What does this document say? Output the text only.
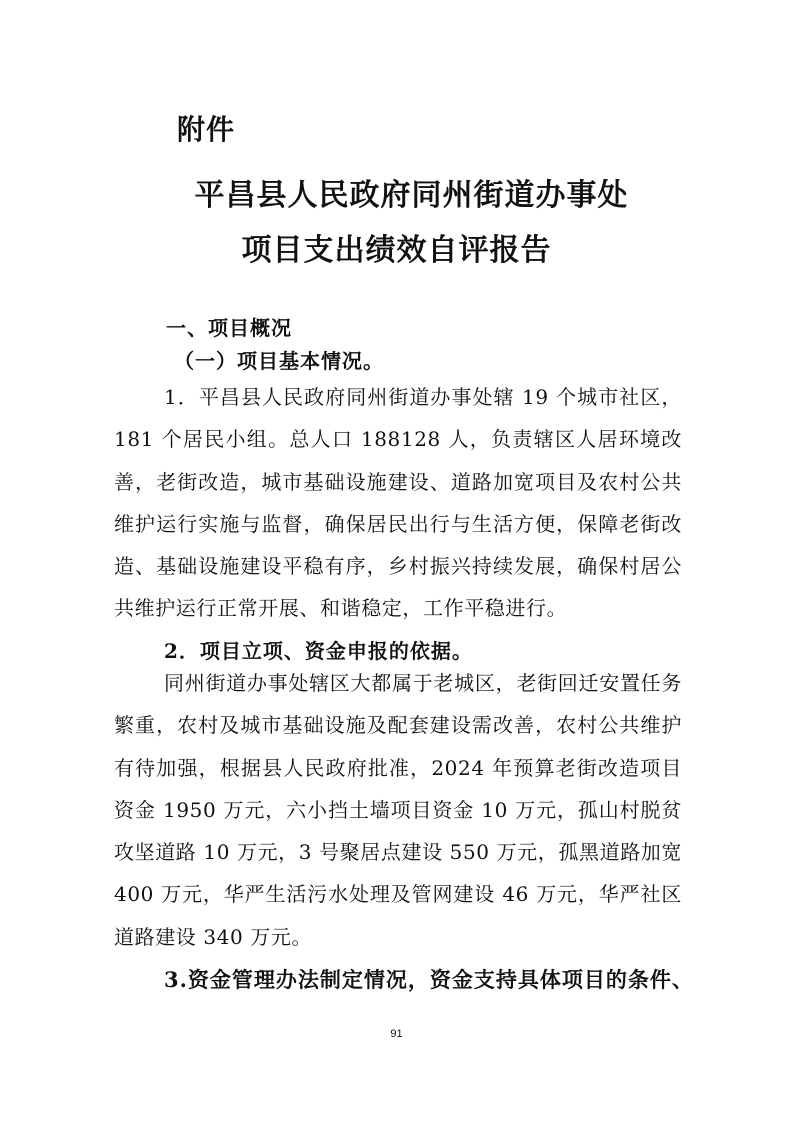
附件
平昌县人民政府同州街道办事处
项目支出绩效自评报告
一、项目概况
（一）项目基本情况。
1．平昌县人民政府同州街道办事处辖 19 个城市社区，181 个居民小组。总人口 188128 人，负责辖区人居环境改善，老街改造，城市基础设施建设、道路加宽项目及农村公共维护运行实施与监督，确保居民出行与生活方便，保障老街改造、基础设施建设平稳有序，乡村振兴持续发展，确保村居公共维护运行正常开展、和谐稳定，工作平稳进行。
2．项目立项、资金申报的依据。
同州街道办事处辖区大都属于老城区，老街回迁安置任务繁重，农村及城市基础设施及配套建设需改善，农村公共维护有待加强，根据县人民政府批准，2024 年预算老街改造项目资金 1950 万元，六小挡土墙项目资金 10 万元，孤山村脱贫攻坚道路 10 万元，3 号聚居点建设 550 万元，孤黑道路加宽 400 万元，华严生活污水处理及管网建设 46 万元，华严社区道路建设 340 万元。
3.资金管理办法制定情况，资金支持具体项目的条件、
91
